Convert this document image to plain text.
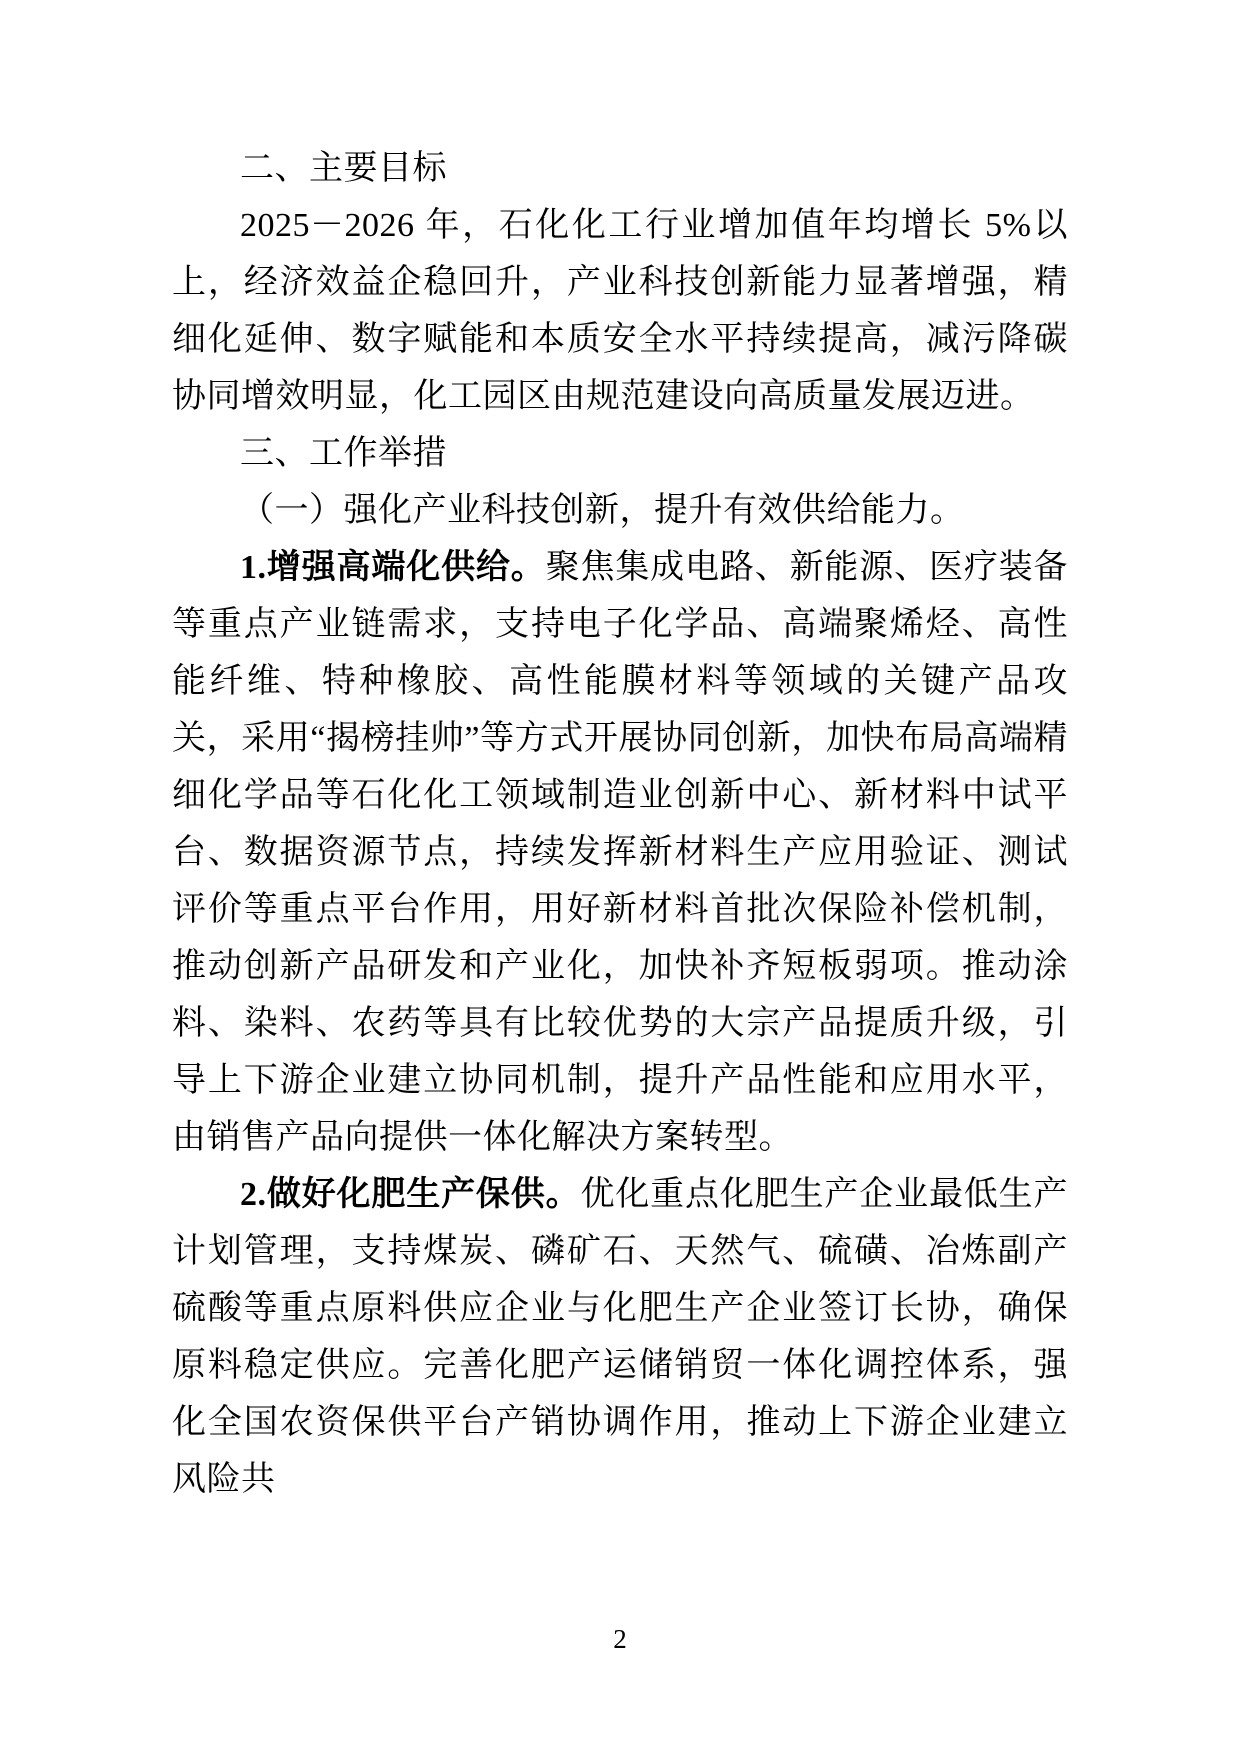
二、主要目标

2025－2026 年，石化化工行业增加值年均增长 5%以上，经济效益企稳回升，产业科技创新能力显著增强，精细化延伸、数字赋能和本质安全水平持续提高，减污降碳协同增效明显，化工园区由规范建设向高质量发展迈进。

三、工作举措

（一）强化产业科技创新，提升有效供给能力。

1.增强高端化供给。聚焦集成电路、新能源、医疗装备等重点产业链需求，支持电子化学品、高端聚烯烃、高性能纤维、特种橡胶、高性能膜材料等领域的关键产品攻关，采用“揭榜挂帅”等方式开展协同创新，加快布局高端精细化学品等石化化工领域制造业创新中心、新材料中试平台、数据资源节点，持续发挥新材料生产应用验证、测试评价等重点平台作用，用好新材料首批次保险补偿机制，推动创新产品研发和产业化，加快补齐短板弱项。推动涂料、染料、农药等具有比较优势的大宗产品提质升级，引导上下游企业建立协同机制，提升产品性能和应用水平，由销售产品向提供一体化解决方案转型。

2.做好化肥生产保供。优化重点化肥生产企业最低生产计划管理，支持煤炭、磷矿石、天然气、硫磺、冶炼副产硫酸等重点原料供应企业与化肥生产企业签订长协，确保原料稳定供应。完善化肥产运储销贸一体化调控体系，强化全国农资保供平台产销协调作用，推动上下游企业建立风险共

2
